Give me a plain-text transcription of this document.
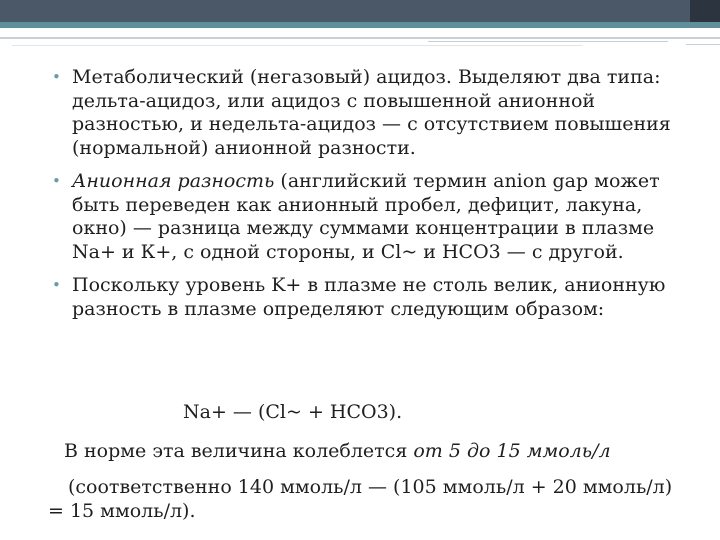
• Метаболический (негазовый) ацидоз. Выделяют два типа: дельта-ацидоз, или ацидоз с повышенной анионной разностью, и недельта-ацидоз — с отсутствием повышения (нормальной) анионной разности.
• Анионная разность (английский термин anion gap может быть переведен как анионный пробел, дефицит, лакуна, окно) — разница между суммами концентрации в плазме Na+ и К+, с одной стороны, и Cl~ и HCO3 — с другой.
• Поскольку уровень K+ в плазме не столь велик, анионную разность в плазме определяют следующим образом:
Na+ — (Cl~ + HCO3).
В норме эта величина колеблется от 5 до 15 ммоль/л
(соответственно 140 ммоль/л — (105 ммоль/л + 20 ммоль/л) = 15 ммоль/л).
